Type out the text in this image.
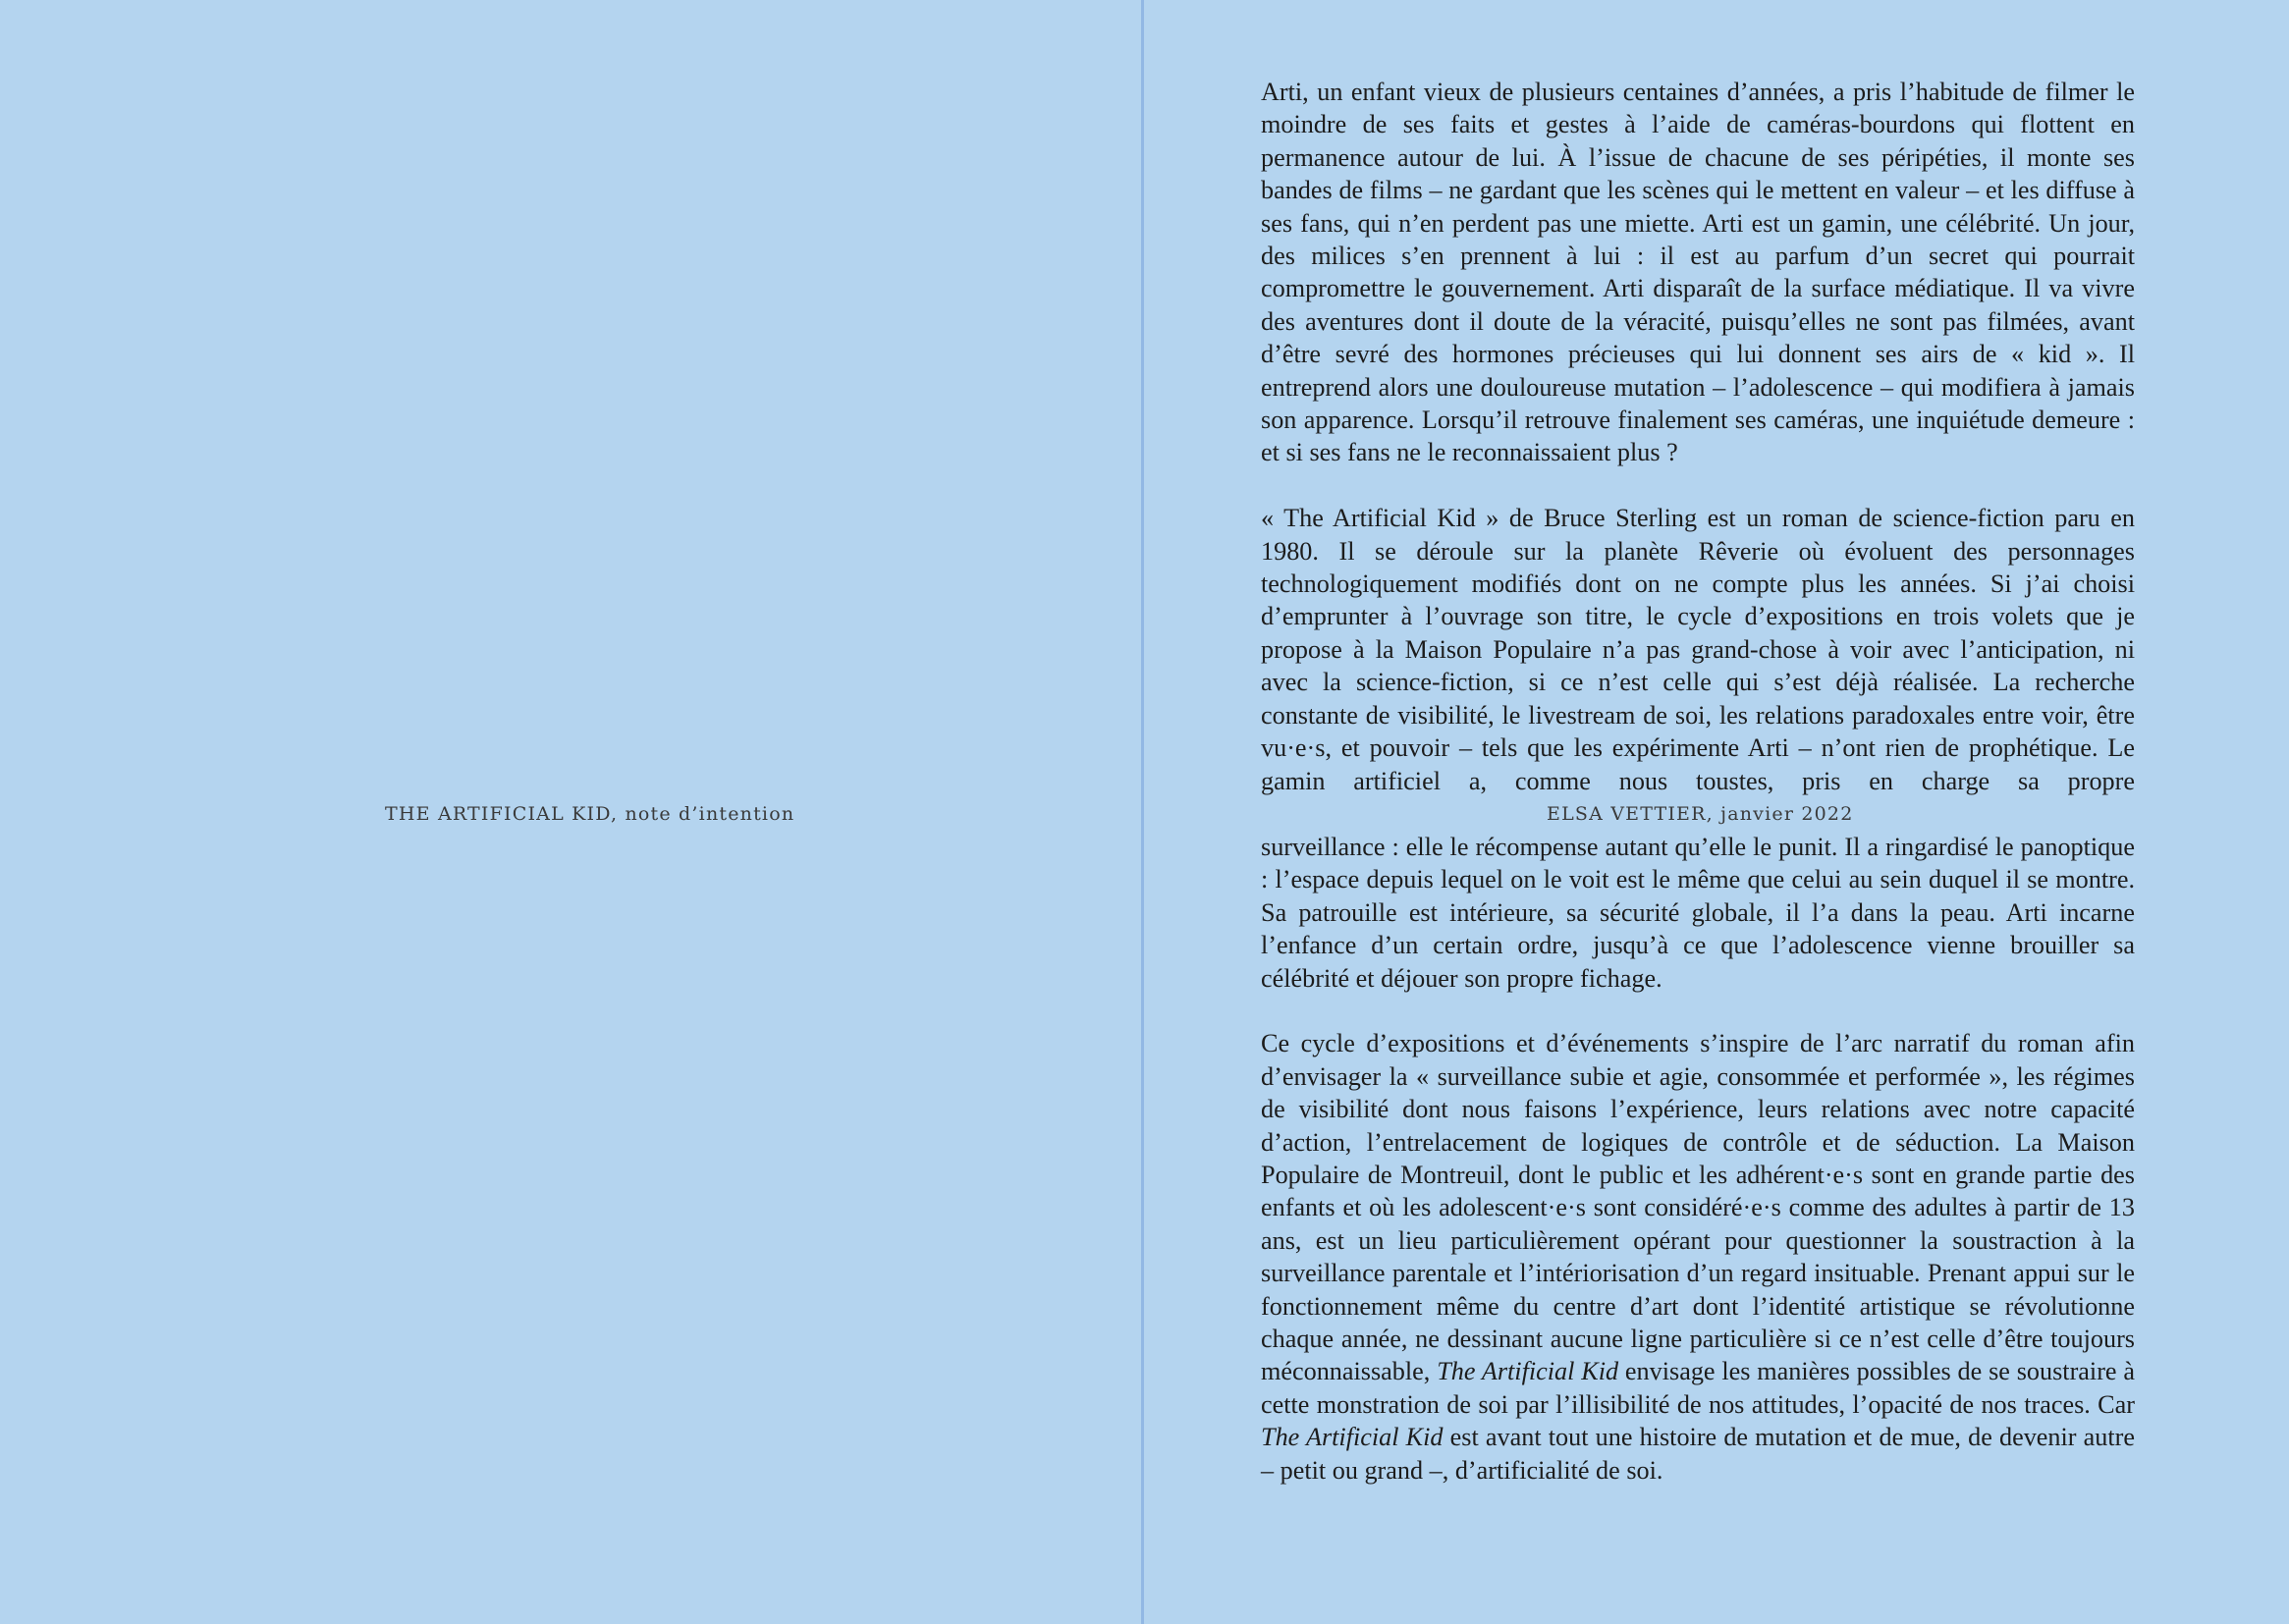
THE ARTIFICIAL KID, note d’intention

Arti, un enfant vieux de plusieurs centaines d’années, a pris l’habitude de filmer le moindre de ses faits et gestes à l’aide de caméras-bourdons qui flottent en permanence autour de lui. À l’issue de chacune de ses péripéties, il monte ses bandes de films – ne gardant que les scènes qui le mettent en valeur – et les diffuse à ses fans, qui n’en perdent pas une miette. Arti est un gamin, une célébrité. Un jour, des milices s’en prennent à lui : il est au parfum d’un secret qui pourrait compromettre le gouvernement. Arti disparaît de la surface médiatique. Il va vivre des aventures dont il doute de la véracité, puisqu’elles ne sont pas filmées, avant d’être sevré des hormones précieuses qui lui donnent ses airs de « kid ». Il entreprend alors une douloureuse mutation – l’adolescence – qui modifiera à jamais son apparence. Lorsqu’il retrouve finalement ses caméras, une inquiétude demeure : et si ses fans ne le reconnaissaient plus ?

« The Artificial Kid » de Bruce Sterling est un roman de science-fiction paru en 1980. Il se déroule sur la planète Rêverie où évoluent des personnages technologiquement modifiés dont on ne compte plus les années. Si j’ai choisi d’emprunter à l’ouvrage son titre, le cycle d’expositions en trois volets que je propose à la Maison Populaire n’a pas grand-chose à voir avec l’anticipation, ni avec la science-fiction, si ce n’est celle qui s’est déjà réalisée. La recherche constante de visibilité, le livestream de soi, les relations paradoxales entre voir, être vu·e·s, et pouvoir – tels que les expérimente Arti – n’ont rien de prophétique. Le gamin artificiel a, comme nous toustes, pris en charge sa propre

ELSA VETTIER, janvier 2022

surveillance : elle le récompense autant qu’elle le punit. Il a ringardisé le panoptique : l’espace depuis lequel on le voit est le même que celui au sein duquel il se montre. Sa patrouille est intérieure, sa sécurité globale, il l’a dans la peau. Arti incarne l’enfance d’un certain ordre, jusqu’à ce que l’adolescence vienne brouiller sa célébrité et déjouer son propre fichage.

Ce cycle d’expositions et d’événements s’inspire de l’arc narratif du roman afin d’envisager la « surveillance subie et agie, consommée et performée », les régimes de visibilité dont nous faisons l’expérience, leurs relations avec notre capacité d’action, l’entrelacement de logiques de contrôle et de séduction. La Maison Populaire de Montreuil, dont le public et les adhérent·e·s sont en grande partie des enfants et où les adolescent·e·s sont considéré·e·s comme des adultes à partir de 13 ans, est un lieu particulièrement opérant pour questionner la soustraction à la surveillance parentale et l’intériorisation d’un regard insituable. Prenant appui sur le fonctionnement même du centre d’art dont l’identité artistique se révolutionne chaque année, ne dessinant aucune ligne particulière si ce n’est celle d’être toujours méconnaissable, The Artificial Kid envisage les manières possibles de se soustraire à cette monstration de soi par l’illisibilité de nos attitudes, l’opacité de nos traces. Car The Artificial Kid est avant tout une histoire de mutation et de mue, de devenir autre – petit ou grand –, d’artificialité de soi.
